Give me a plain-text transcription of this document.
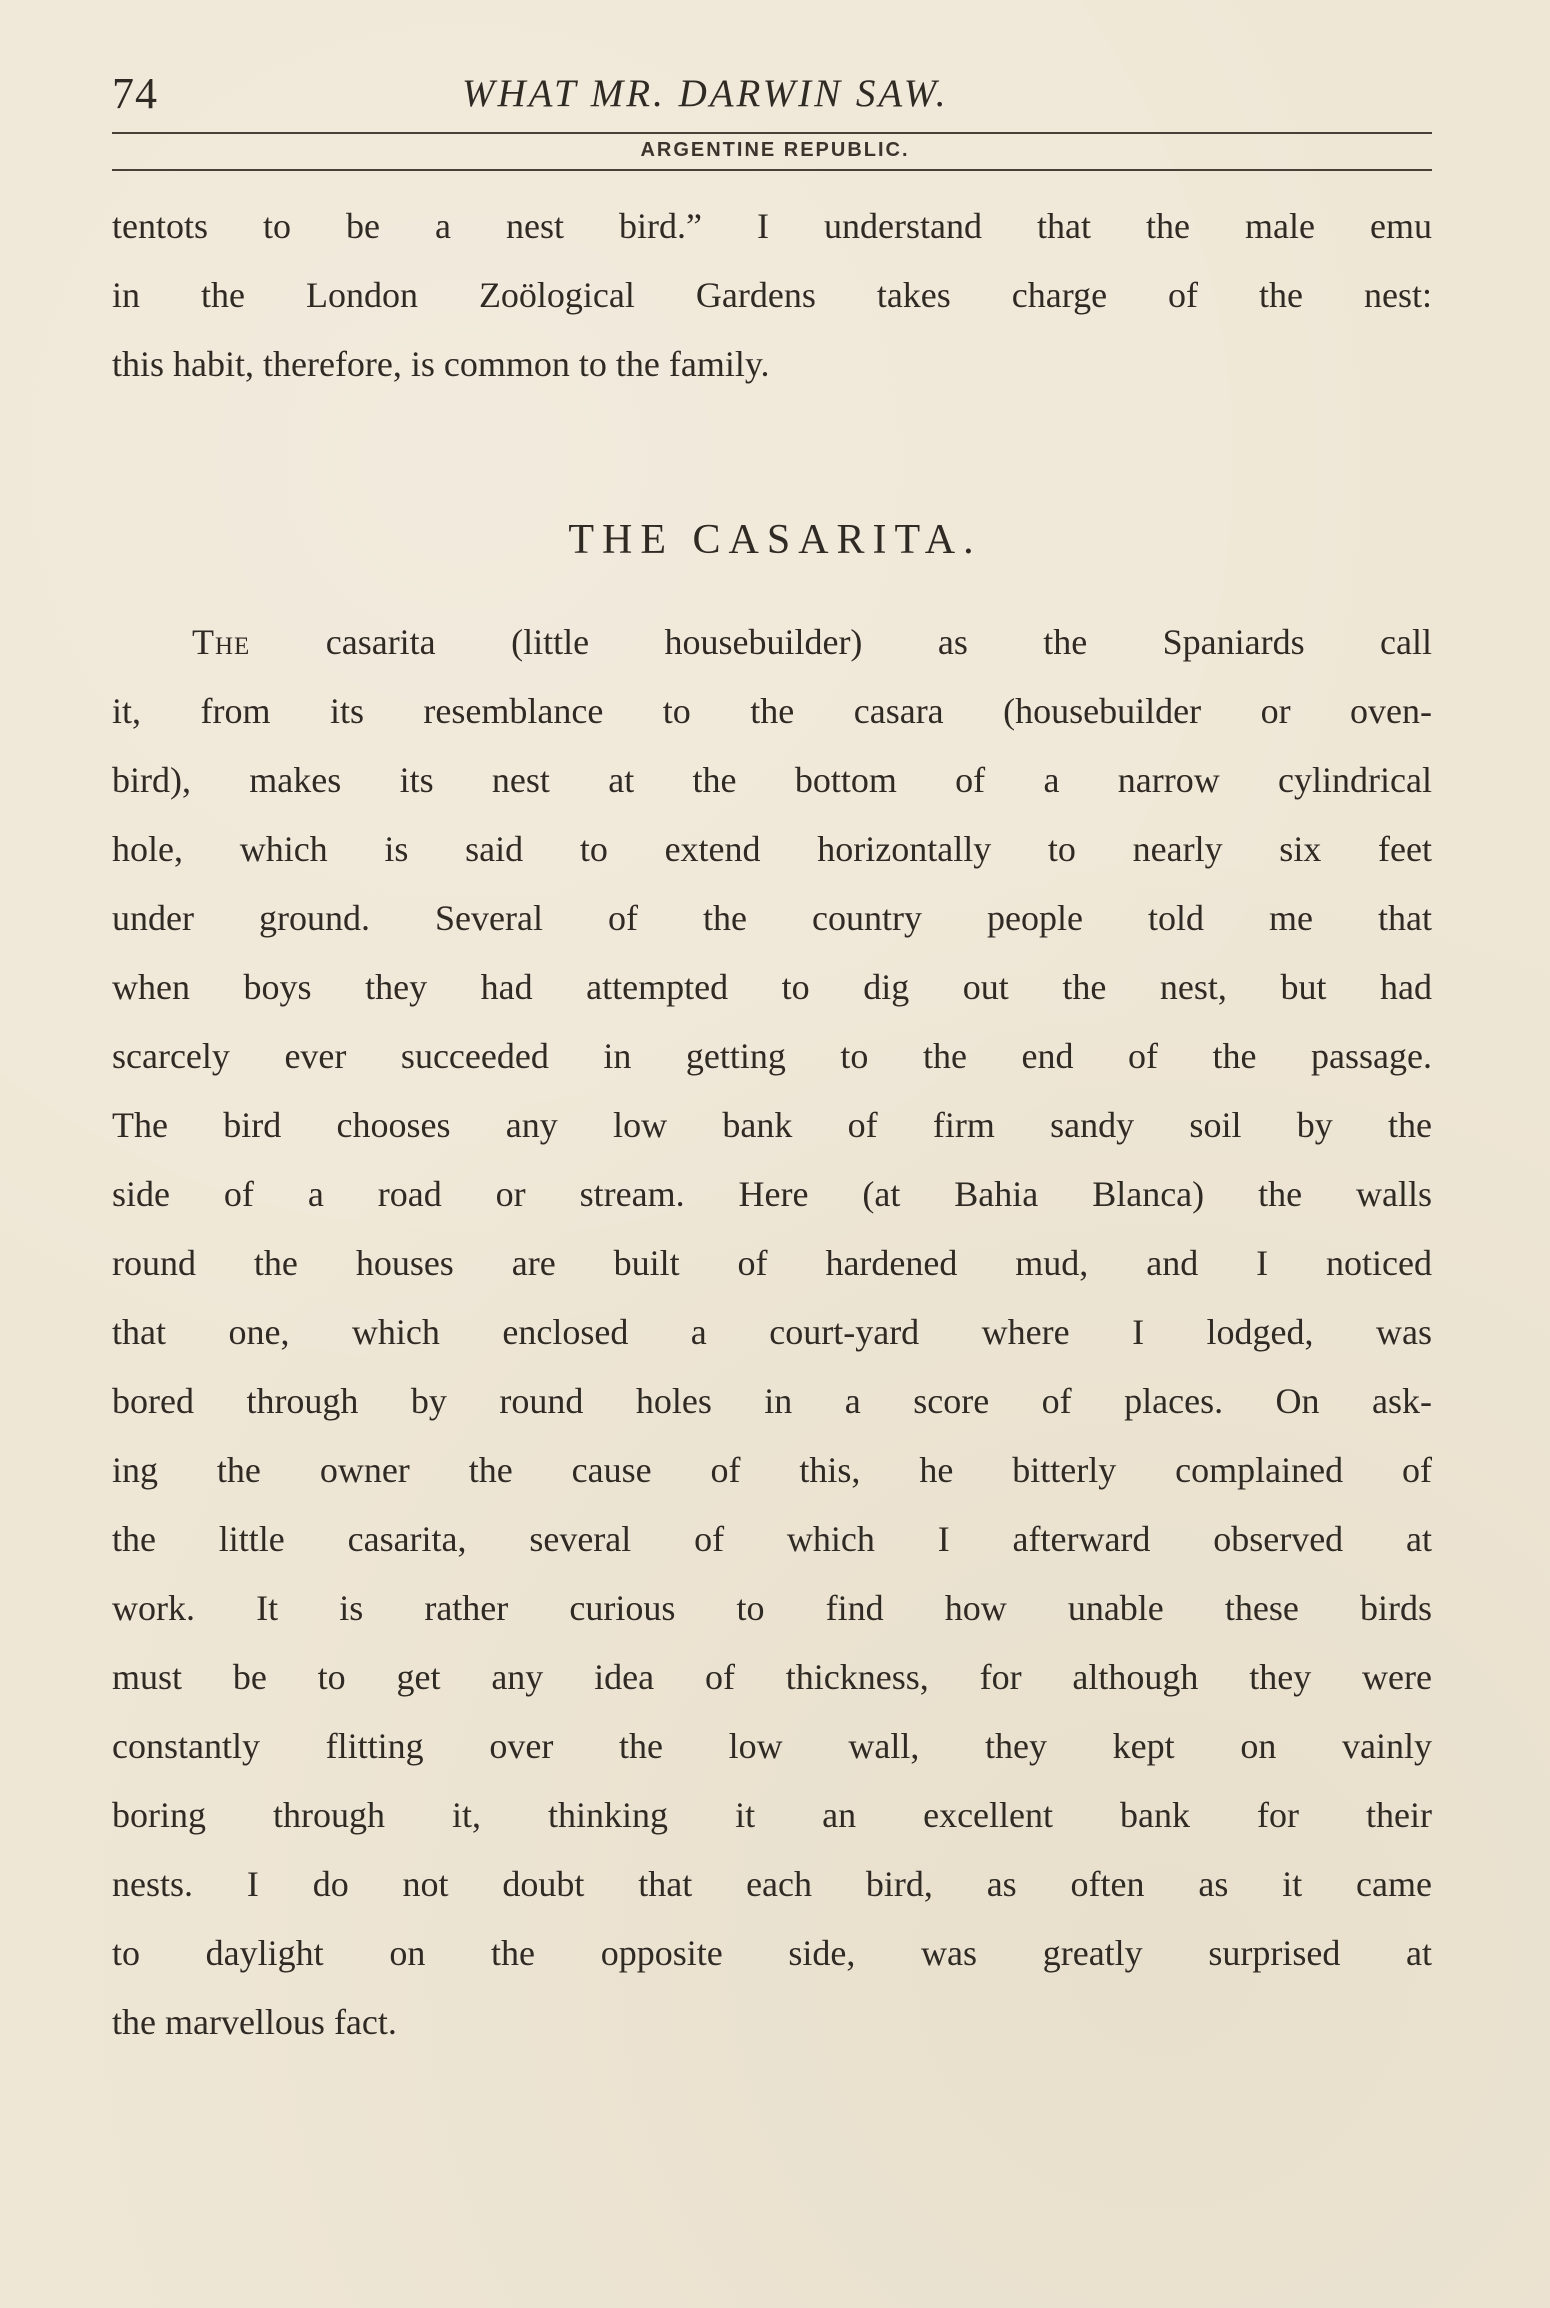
74	WHAT MR. DARWIN SAW.
ARGENTINE REPUBLIC.
tentots to be a nest bird.” I understand that the male emu
in the London Zoölogical Gardens takes charge of the nest:
this habit, therefore, is common to the family.
THE CASARITA.
The casarita (little housebuilder) as the Spaniards call
it, from its resemblance to the casara (housebuilder or oven-
bird), makes its nest at the bottom of a narrow cylindrical
hole, which is said to extend horizontally to nearly six feet
under ground. Several of the country people told me that
when boys they had attempted to dig out the nest, but had
scarcely ever succeeded in getting to the end of the passage.
The bird chooses any low bank of firm sandy soil by the
side of a road or stream. Here (at Bahia Blanca) the walls
round the houses are built of hardened mud, and I noticed
that one, which enclosed a court-yard where I lodged, was
bored through by round holes in a score of places. On ask-
ing the owner the cause of this, he bitterly complained of
the little casarita, several of which I afterward observed at
work. It is rather curious to find how unable these birds
must be to get any idea of thickness, for although they were
constantly flitting over the low wall, they kept on vainly
boring through it, thinking it an excellent bank for their
nests. I do not doubt that each bird, as often as it came
to daylight on the opposite side, was greatly surprised at
the marvellous fact.
